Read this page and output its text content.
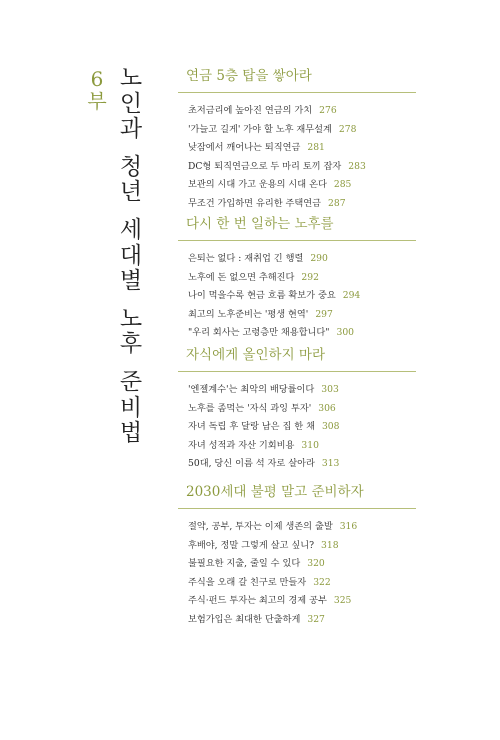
6
부
노
인
과
청
년
세
대
별
노
후
준
비
법
연금 5층 탑을 쌓아라
초저금리에 높아진 연금의 가치 276
'가늘고 길게' 가야 할 노후 재무설계 278
낮잠에서 깨어나는 퇴직연금 281
DC형 퇴직연금으로 두 마리 토끼 잡자 283
보관의 시대 가고 운용의 시대 온다 285
무조건 가입하면 유리한 주택연금 287
다시 한 번 일하는 노후를
은퇴는 없다 : 재취업 긴 행렬 290
노후에 돈 없으면 추해진다 292
나이 먹을수록 현금 흐름 확보가 중요 294
최고의 노후준비는 '평생 현역' 297
"우리 회사는 고령층만 채용합니다" 300
자식에게 올인하지 마라
'엔젤계수'는 최악의 배당률이다 303
노후를 좀먹는 '자식 과잉 투자' 306
자녀 독립 후 달랑 남은 집 한 채 308
자녀 성적과 자산 기회비용 310
50대, 당신 이름 석 자로 살아라 313
2030세대 불평 말고 준비하자
절약, 공부, 투자는 이제 생존의 출발 316
후배야, 정말 그렇게 살고 싶니? 318
불필요한 지출, 줄일 수 있다 320
주식을 오래 갈 친구로 만들자 322
주식·펀드 투자는 최고의 경제 공부 325
보험가입은 최대한 단출하게 327
